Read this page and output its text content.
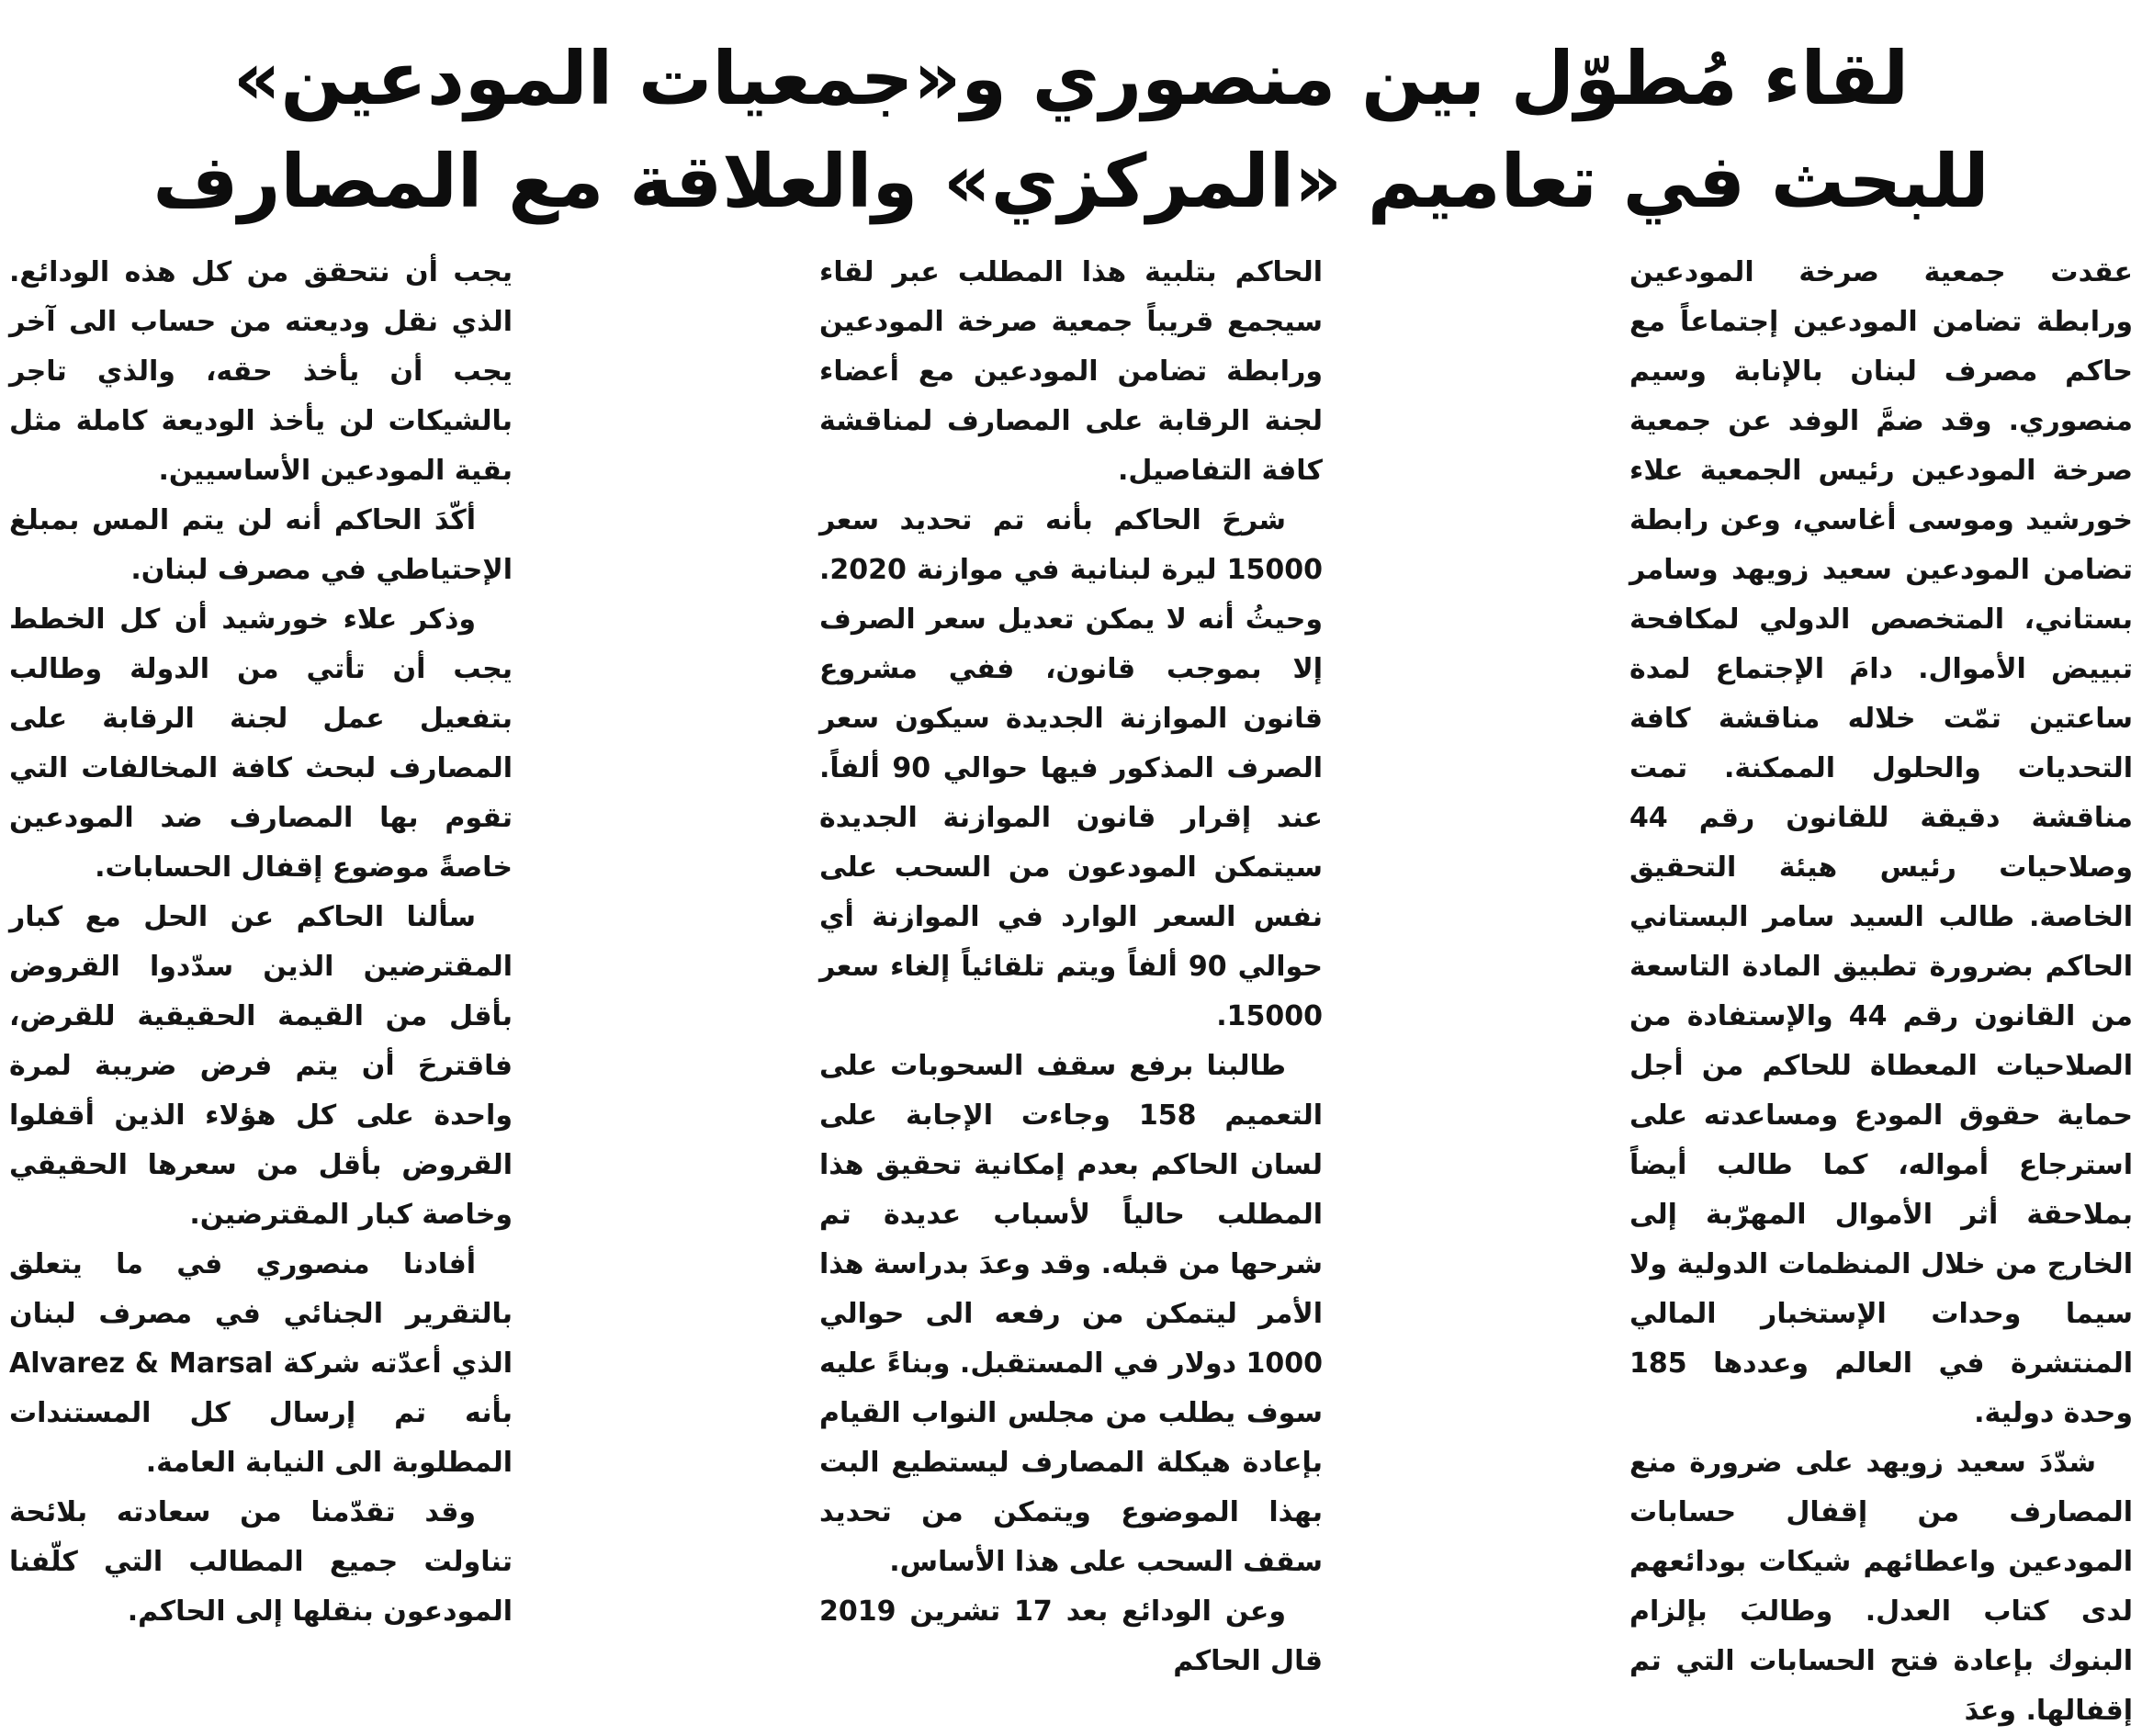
لقاء مُطوّل بين منصوري و«جمعيات المودعين»
للبحث في تعاميم «المركزي» والعلاقة مع المصارف

عقدت جمعية صرخة المودعين ورابطة تضامن المودعين إجتماعاً مع حاكم مصرف لبنان بالإنابة وسيم منصوري. وقد ضمَّ الوفد عن جمعية صرخة المودعين رئيس الجمعية علاء خورشيد وموسى أغاسي، وعن رابطة تضامن المودعين سعيد زويهد وسامر بستاني، المتخصص الدولي لمكافحة تبييض الأموال. دامَ الإجتماع لمدة ساعتين تمّت خلاله مناقشة كافة التحديات والحلول الممكنة. تمت مناقشة دقيقة للقانون رقم 44 وصلاحيات رئيس هيئة التحقيق الخاصة. طالب السيد سامر البستاني الحاكم بضرورة تطبيق المادة التاسعة من القانون رقم 44 والإستفادة من الصلاحيات المعطاة للحاكم من أجل حماية حقوق المودع ومساعدته على استرجاع أمواله، كما طالب أيضاً بملاحقة أثر الأموال المهرّبة إلى الخارج من خلال المنظمات الدولية ولا سيما وحدات الإستخبار المالي المنتشرة في العالم وعددها 185 وحدة دولية.

شدّدَ سعيد زويهد على ضرورة منع المصارف من إقفال حسابات المودعين واعطائهم شيكات بودائعهم لدى كتاب العدل. وطالبَ بإلزام البنوك بإعادة فتح الحسابات التي تم إقفالها. وعدَ

الحاكم بتلبية هذا المطلب عبر لقاء سيجمع قريباً جمعية صرخة المودعين ورابطة تضامن المودعين مع أعضاء لجنة الرقابة على المصارف لمناقشة كافة التفاصيل.

شرحَ الحاكم بأنه تم تحديد سعر 15000 ليرة لبنانية في موازنة 2020. وحيثُ أنه لا يمكن تعديل سعر الصرف إلا بموجب قانون، ففي مشروع قانون الموازنة الجديدة سيكون سعر الصرف المذكور فيها حوالي 90 ألفاً. عند إقرار قانون الموازنة الجديدة سيتمكن المودعون من السحب على نفس السعر الوارد في الموازنة أي حوالي 90 ألفاً ويتم تلقائياً إلغاء سعر 15000.

طالبنا برفع سقف السحوبات على التعميم 158 وجاءت الإجابة على لسان الحاكم بعدم إمكانية تحقيق هذا المطلب حالياً لأسباب عديدة تم شرحها من قبله. وقد وعدَ بدراسة هذا الأمر ليتمكن من رفعه الى حوالي 1000 دولار في المستقبل. وبناءً عليه سوف يطلب من مجلس النواب القيام بإعادة هيكلة المصارف ليستطيع البت بهذا الموضوع ويتمكن من تحديد سقف السحب على هذا الأساس.

وعن الودائع بعد 17 تشرين 2019 قال الحاكم

يجب أن نتحقق من كل هذه الودائع. الذي نقل وديعته من حساب الى آخر يجب أن يأخذ حقه، والذي تاجر بالشيكات لن يأخذ الوديعة كاملة مثل بقية المودعين الأساسيين.

أكّدَ الحاكم أنه لن يتم المس بمبلغ الإحتياطي في مصرف لبنان.

وذكر علاء خورشيد أن كل الخطط يجب أن تأتي من الدولة وطالب بتفعيل عمل لجنة الرقابة على المصارف لبحث كافة المخالفات التي تقوم بها المصارف ضد المودعين خاصةً موضوع إقفال الحسابات.

سألنا الحاكم عن الحل مع كبار المقترضين الذين سدّدوا القروض بأقل من القيمة الحقيقية للقرض، فاقترحَ أن يتم فرض ضريبة لمرة واحدة على كل هؤلاء الذين أقفلوا القروض بأقل من سعرها الحقيقي وخاصة كبار المقترضين.

أفادنا منصوري في ما يتعلق بالتقرير الجنائي في مصرف لبنان الذي أعدّته شركة Alvarez & Marsal بأنه تم إرسال كل المستندات المطلوبة الى النيابة العامة.

وقد تقدّمنا من سعادته بلائحة تناولت جميع المطالب التي كلّفنا المودعون بنقلها إلى الحاكم.
